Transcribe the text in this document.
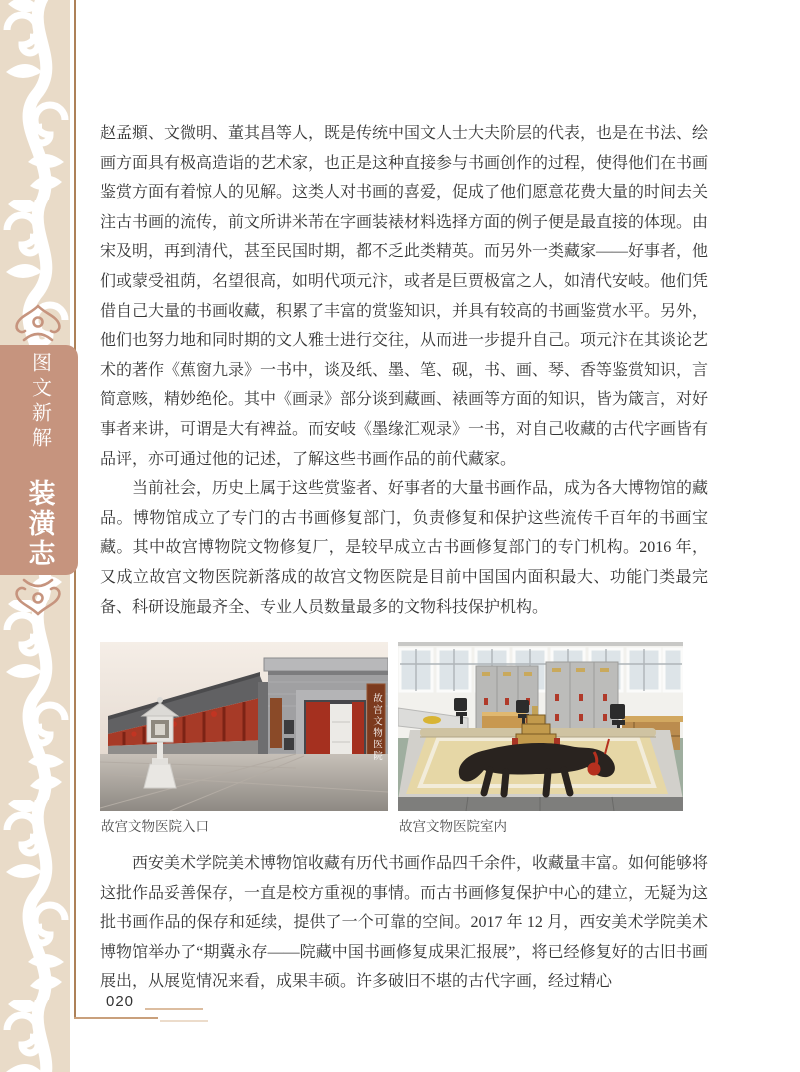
图文新解 装潢志

赵孟頫、文微明、董其昌等人，既是传统中国文人士大夫阶层的代表，也是在书法、绘画方面具有极高造诣的艺术家，也正是这种直接参与书画创作的过程，使得他们在书画鉴赏方面有着惊人的见解。这类人对书画的喜爱，促成了他们愿意花费大量的时间去关注古书画的流传，前文所讲米芾在字画装裱材料选择方面的例子便是最直接的体现。由宋及明，再到清代，甚至民国时期，都不乏此类精英。而另外一类藏家——好事者，他们或蒙受祖荫，名望很高，如明代项元汴，或者是巨贾极富之人，如清代安岐。他们凭借自己大量的书画收藏，积累了丰富的赏鉴知识，并具有较高的书画鉴赏水平。另外，他们也努力地和同时期的文人雅士进行交往，从而进一步提升自己。项元汴在其谈论艺术的著作《蕉窗九录》一书中，谈及纸、墨、笔、砚，书、画、琴、香等鉴赏知识，言简意赅，精妙绝伦。其中《画录》部分谈到藏画、裱画等方面的知识，皆为箴言，对好事者来讲，可谓是大有裨益。而安岐《墨缘汇观录》一书，对自己收藏的古代字画皆有品评，亦可通过他的记述，了解这些书画作品的前代藏家。

当前社会，历史上属于这些赏鉴者、好事者的大量书画作品，成为各大博物馆的藏品。博物馆成立了专门的古书画修复部门，负责修复和保护这些流传千百年的书画宝藏。其中故宫博物院文物修复厂，是较早成立古书画修复部门的专门机构。2016 年，又成立故宫文物医院新落成的故宫文物医院是目前中国国内面积最大、功能门类最完备、科研设施最齐全、专业人员数量最多的文物科技保护机构。

故宫文物医院
故宫文物医院入口	故宫文物医院室内

西安美术学院美术博物馆收藏有历代书画作品四千余件，收藏量丰富。如何能够将这批作品妥善保存，一直是校方重视的事情。而古书画修复保护中心的建立，无疑为这批书画作品的保存和延续，提供了一个可靠的空间。2017 年 12 月，西安美术学院美术博物馆举办了“期冀永存——院藏中国书画修复成果汇报展”，将已经修复好的古旧书画展出，从展览情况来看，成果丰硕。许多破旧不堪的古代字画，经过精心

020
